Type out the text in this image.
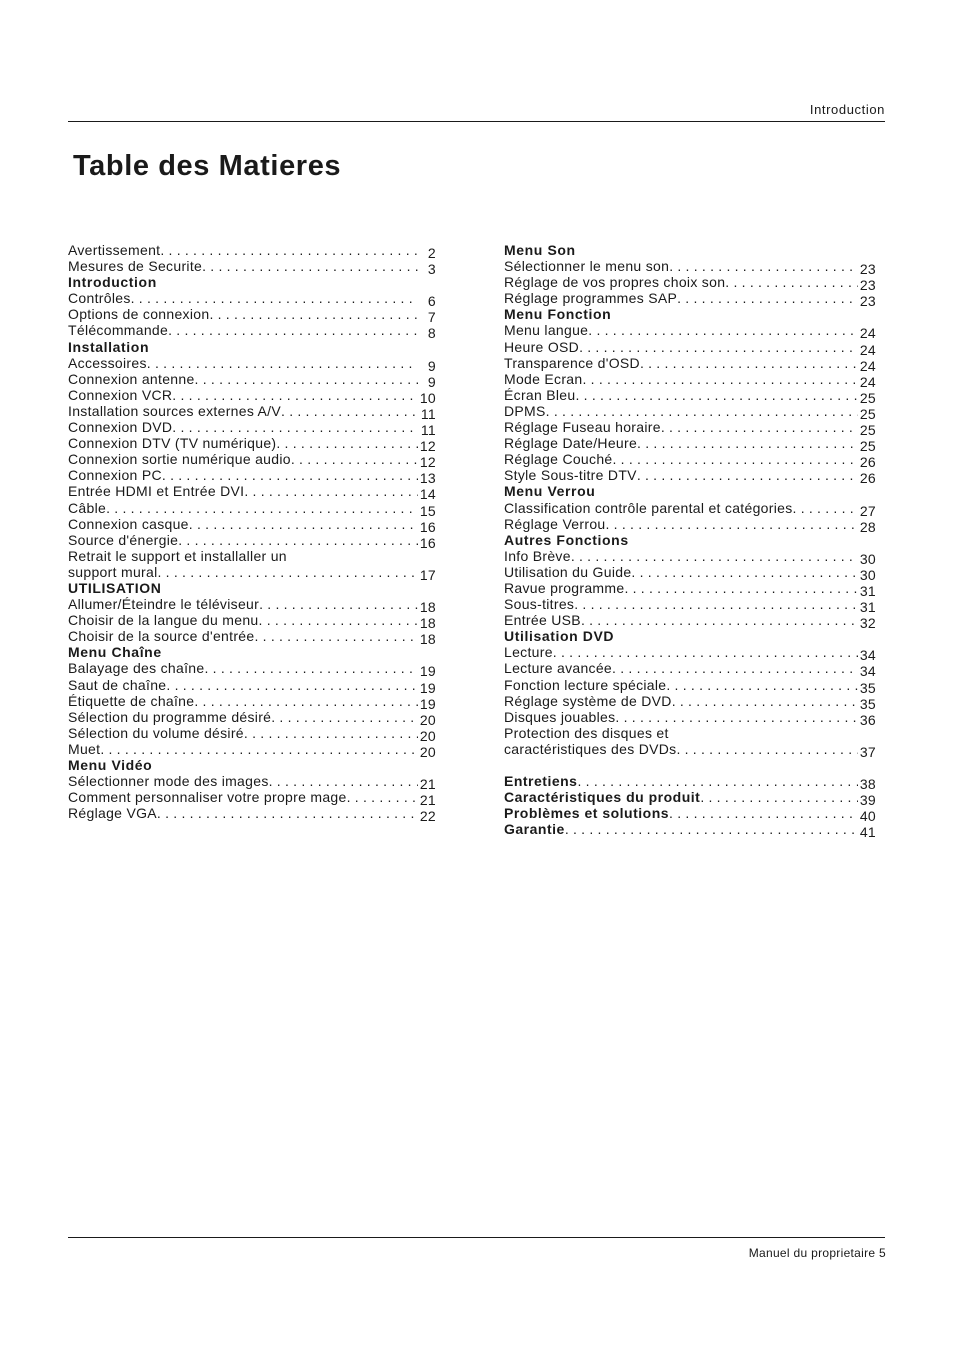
Introduction
Table des Matieres
Avertissement . . .	2
Mesures de Securite . . .	3
Introduction
Contrôles . . .	6
Options de connexion . . .	7
Télécommande . . .	8
Installation
Accessoires . . .	9
Connexion antenne . . .	9
Connexion VCR . . .	10
Installation sources externes A/V . . .	11
Connexion DVD . . .	11
Connexion DTV (TV numérique) . . .	12
Connexion sortie numérique audio . . .	12
Connexion PC . . .	13
Entrée HDMI et Entrée DVI . . .	14
Câble . . .	15
Connexion casque . . .	16
Source d'énergie . . .	16
Retrait le support et installaller un
support mural . . .	17
UTILISATION
Allumer/Éteindre le téléviseur . . .	18
Choisir de la langue du menu . . .	18
Choisir de la source d'entrée . . .	18
Menu Chaîne
Balayage des chaîne . . .	19
Saut de chaîne . . .	19
Étiquette de chaîne . . .	19
Sélection du programme désiré . . .	20
Sélection du volume désiré . . .	20
Muet . . .	20
Menu Vidéo
Sélectionner mode des images . . .	21
Comment personnaliser votre propre mage . . .	21
Réglage VGA . . .	22
Menu Son
Sélectionner le menu son . . .	23
Réglage de vos propres choix son . . .	23
Réglage programmes SAP . . .	23
Menu Fonction
Menu langue . . .	24
Heure OSD . . .	24
Transparence d'OSD . . .	24
Mode Ecran . . .	24
Écran Bleu . . .	25
DPMS . . .	25
Réglage Fuseau horaire . . .	25
Réglage Date/Heure . . .	25
Réglage Couché . . .	26
Style Sous-titre DTV . . .	26
Menu Verrou
Classification contrôle parental et catégories . . .	27
Réglage Verrou . . .	28
Autres Fonctions
Info Brève . . .	30
Utilisation du Guide . . .	30
Ravue programme . . .	31
Sous-titres . . .	31
Entrée USB . . .	32
Utilisation DVD
Lecture . . .	34
Lecture avancée . . .	34
Fonction lecture spéciale . . .	35
Réglage système de DVD . . .	35
Disques jouables . . .	36
Protection des disques et
caractéristiques des DVDs . . .	37
Entretiens . . .	38
Caractéristiques du produit . . .	39
Problèmes et solutions . . .	40
Garantie . . .	41
Manuel du proprietaire 5
